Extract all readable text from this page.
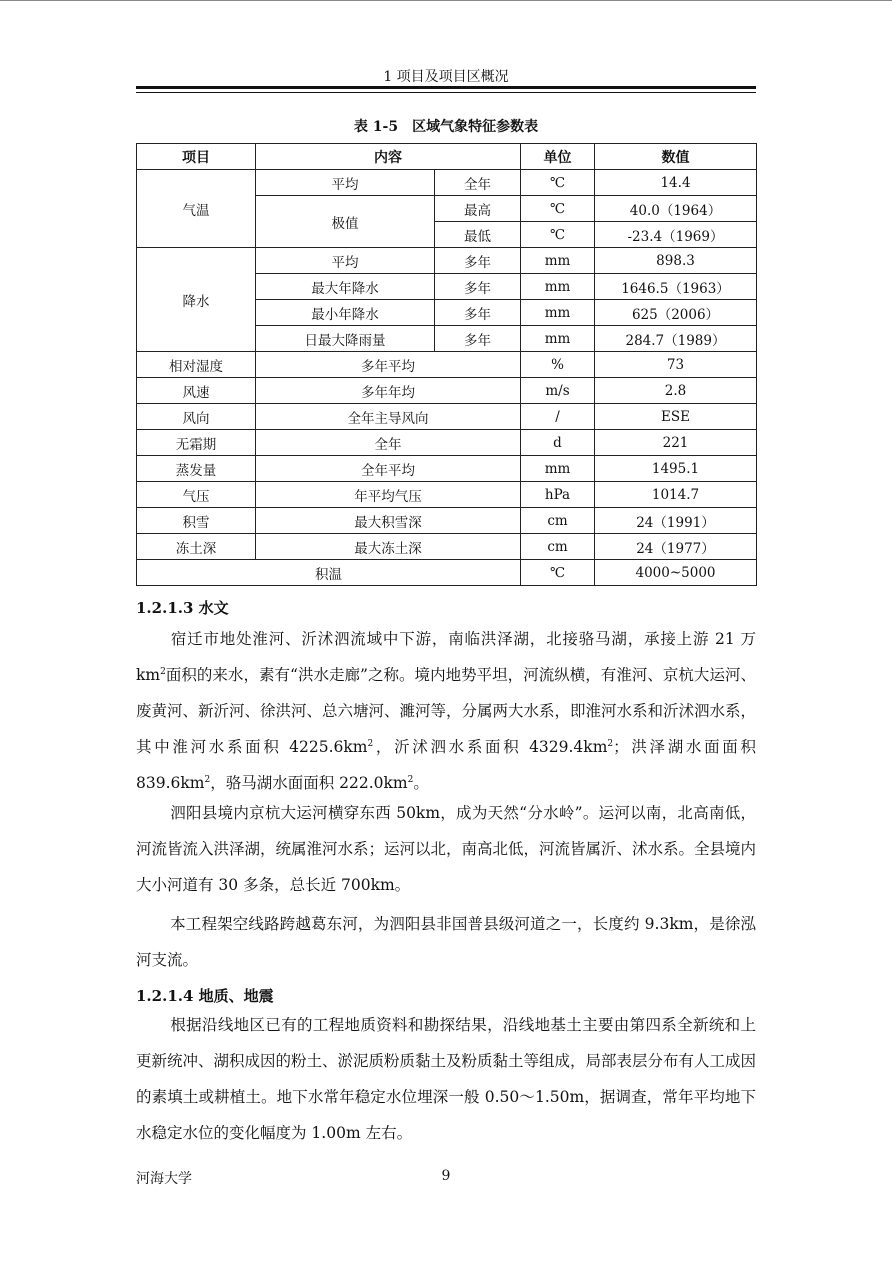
1 项目及项目区概况
表 1-5　区域气象特征参数表
项目	内容		单位	数值
气温	平均	全年	℃	14.4
	极值	最高	℃	40.0（1964）
		最低	℃	-23.4（1969）
降水	平均	多年	mm	898.3
	最大年降水	多年	mm	1646.5（1963）
	最小年降水	多年	mm	625（2006）
	日最大降雨量	多年	mm	284.7（1989）
相对湿度	多年平均		%	73
风速	多年年均		m/s	2.8
风向	全年主导风向		/	ESE
无霜期	全年		d	221
蒸发量	全年平均		mm	1495.1
气压	年平均气压		hPa	1014.7
积雪	最大积雪深		cm	24（1991）
冻土深	最大冻土深		cm	24（1977）
积温			℃	4000~5000
1.2.1.3 水文

宿迁市地处淮河、沂沭泗流域中下游，南临洪泽湖，北接骆马湖，承接上游 21 万 $km^2$面积的来水，素有“洪水走廊”之称。境内地势平坦，河流纵横，有淮河、京杭大运河、废黄河、新沂河、徐洪河、总六塘河、濉河等，分属两大水系，即淮河水系和沂沭泗水系，其中淮河水系面积 $4225.6km^2$，沂沭泗水系面积 $4329.4km^2$；洪泽湖水面面积 $839.6km^2$，骆马湖水面面积 $222.0km^2$。

泗阳县境内京杭大运河横穿东西 50km，成为天然“分水岭”。运河以南，北高南低，河流皆流入洪泽湖，统属淮河水系；运河以北，南高北低，河流皆属沂、沭水系。全县境内大小河道有 30 多条，总长近 700km。

本工程架空线路跨越葛东河，为泗阳县非国普县级河道之一，长度约 9.3km，是徐泓河支流。

1.2.1.4 地质、地震

根据沿线地区已有的工程地质资料和勘探结果，沿线地基土主要由第四系全新统和上更新统冲、湖积成因的粉土、淤泥质粉质黏土及粉质黏土等组成，局部表层分布有人工成因的素填土或耕植土。地下水常年稳定水位埋深一般 0.50～1.50m，据调查，常年平均地下水稳定水位的变化幅度为 1.00m 左右。

河海大学	9
